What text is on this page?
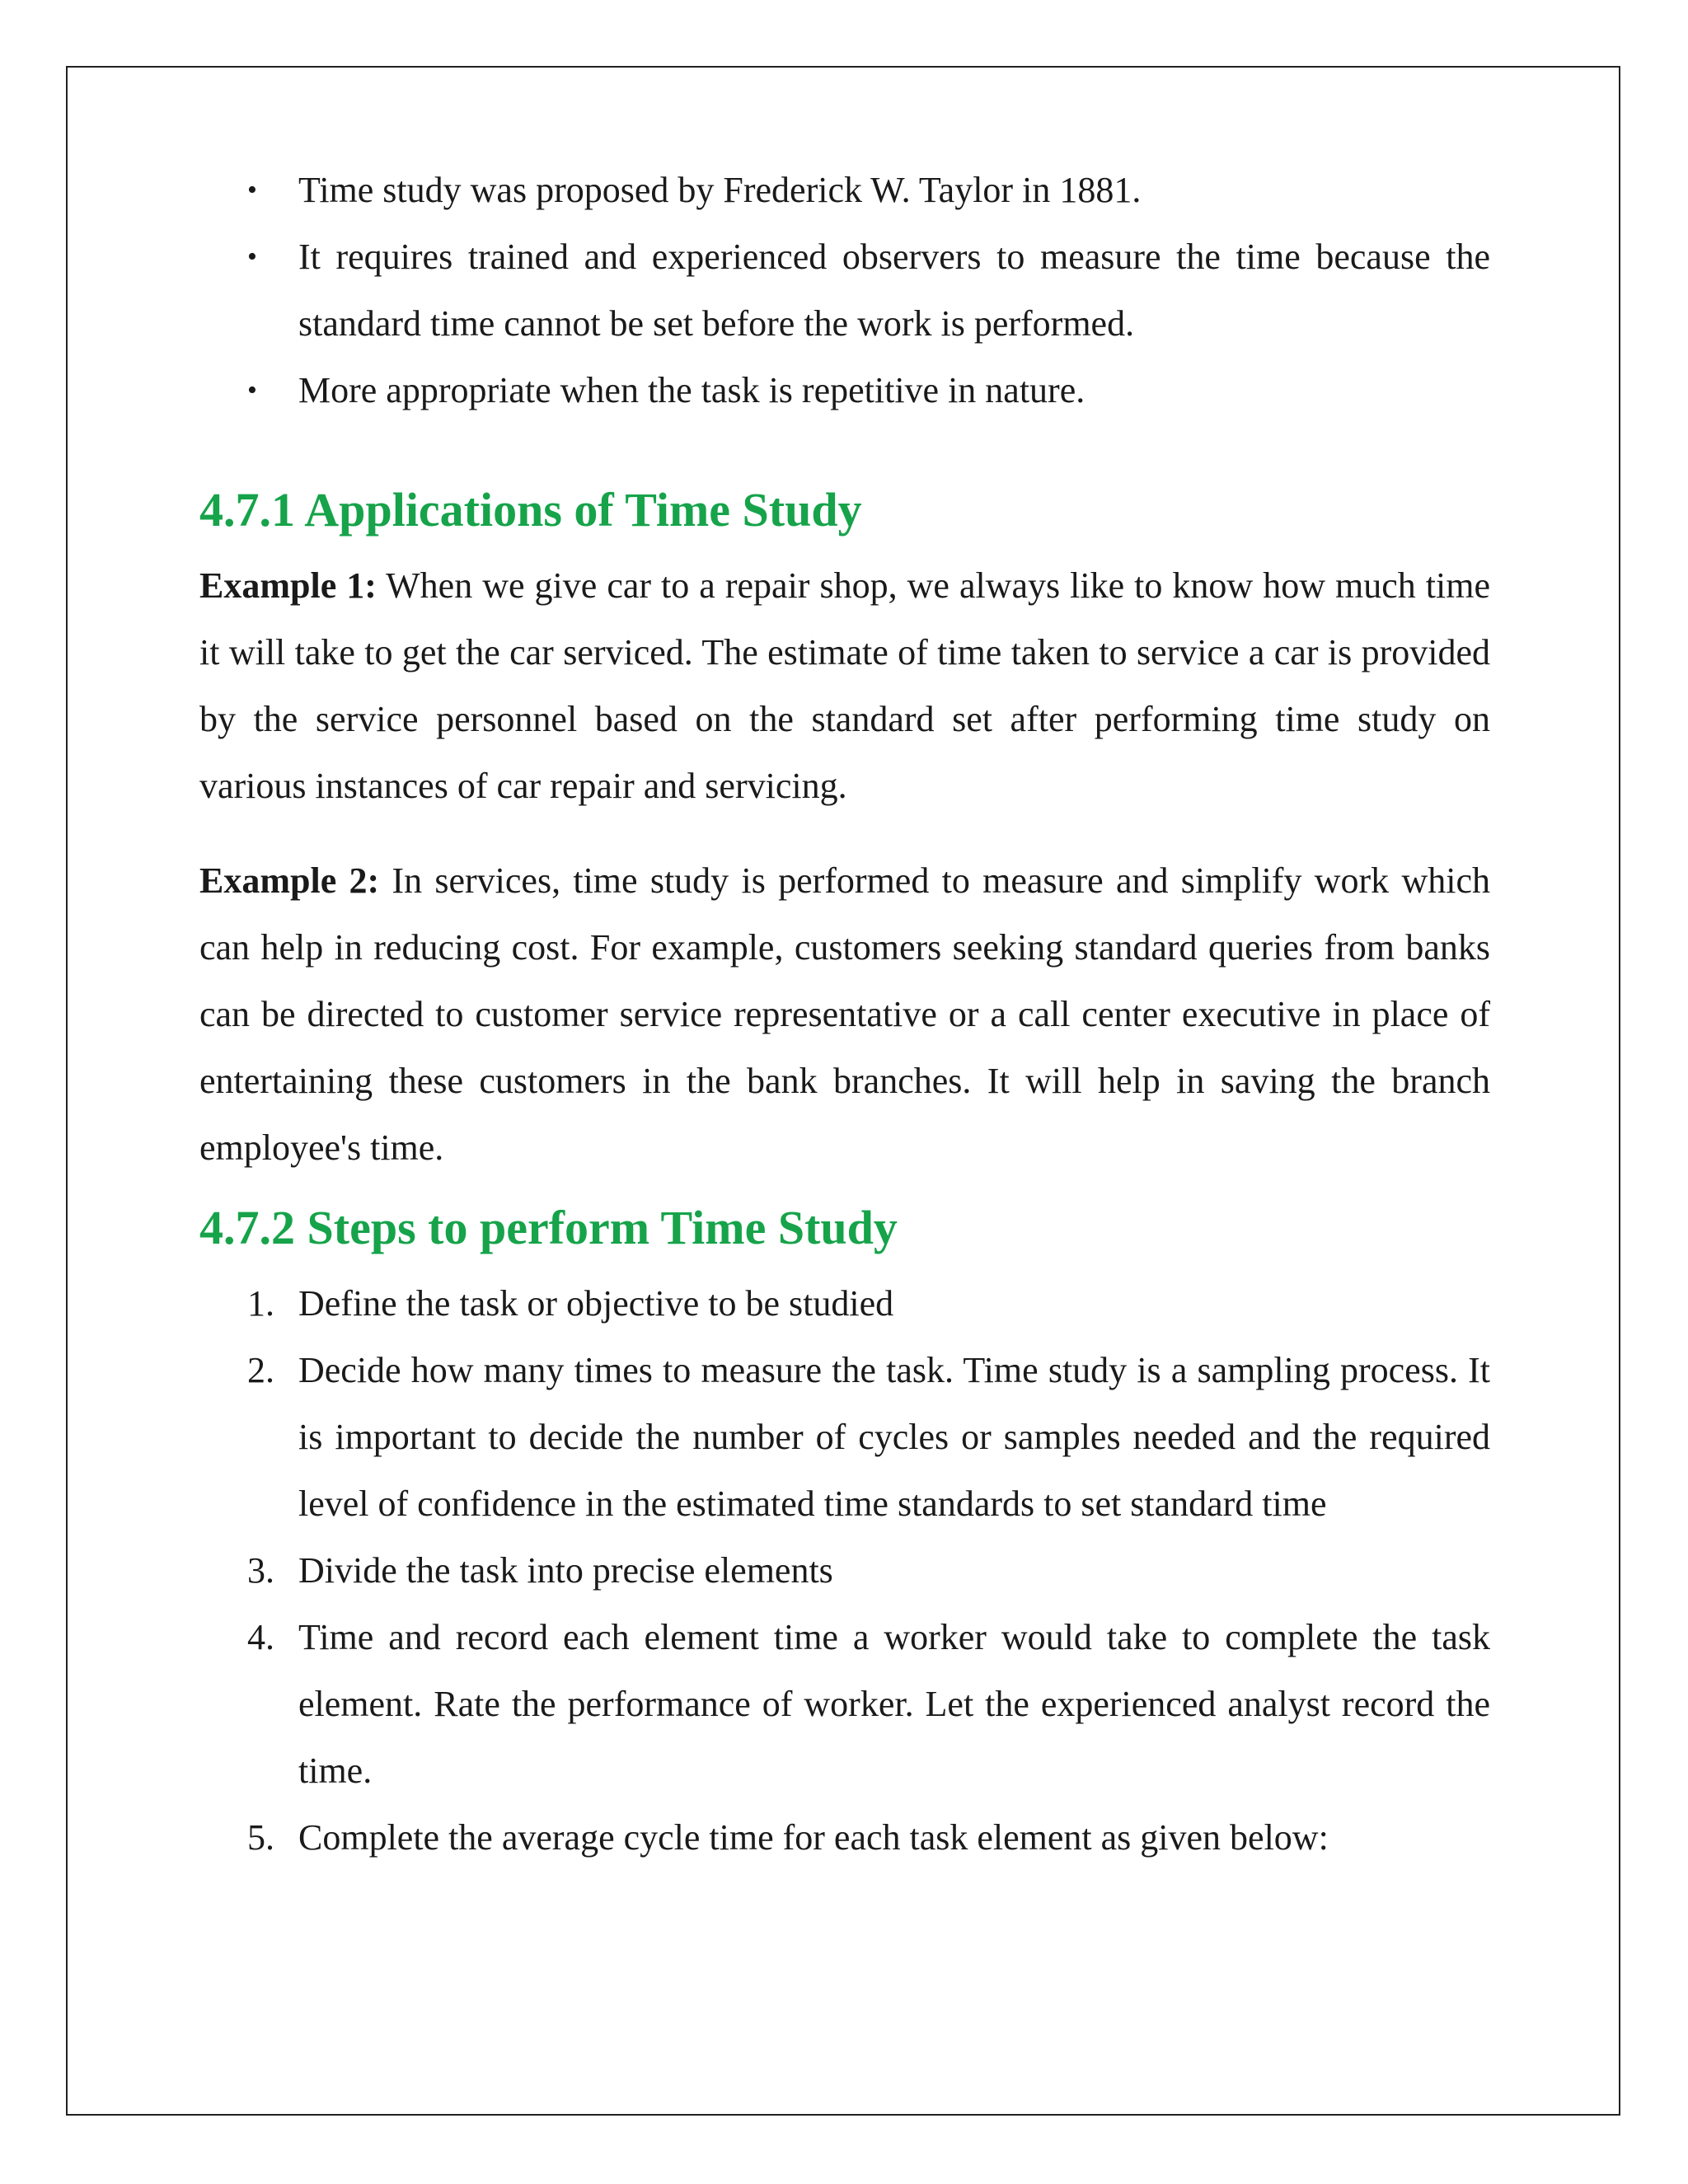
• Time study was proposed by Frederick W. Taylor in 1881.
• It requires trained and experienced observers to measure the time because the standard time cannot be set before the work is performed.
• More appropriate when the task is repetitive in nature.
4.7.1 Applications of Time Study

Example 1: When we give car to a repair shop, we always like to know how much time it will take to get the car serviced. The estimate of time taken to service a car is provided by the service personnel based on the standard set after performing time study on various instances of car repair and servicing.

Example 2: In services, time study is performed to measure and simplify work which can help in reducing cost. For example, customers seeking standard queries from banks can be directed to customer service representative or a call center executive in place of entertaining these customers in the bank branches. It will help in saving the branch employee's time.

4.7.2 Steps to perform Time Study
1. Define the task or objective to be studied
2. Decide how many times to measure the task. Time study is a sampling process. It is important to decide the number of cycles or samples needed and the required level of confidence in the estimated time standards to set standard time
3. Divide the task into precise elements
4. Time and record each element time a worker would take to complete the task element. Rate the performance of worker. Let the experienced analyst record the time.
5. Complete the average cycle time for each task element as given below:
